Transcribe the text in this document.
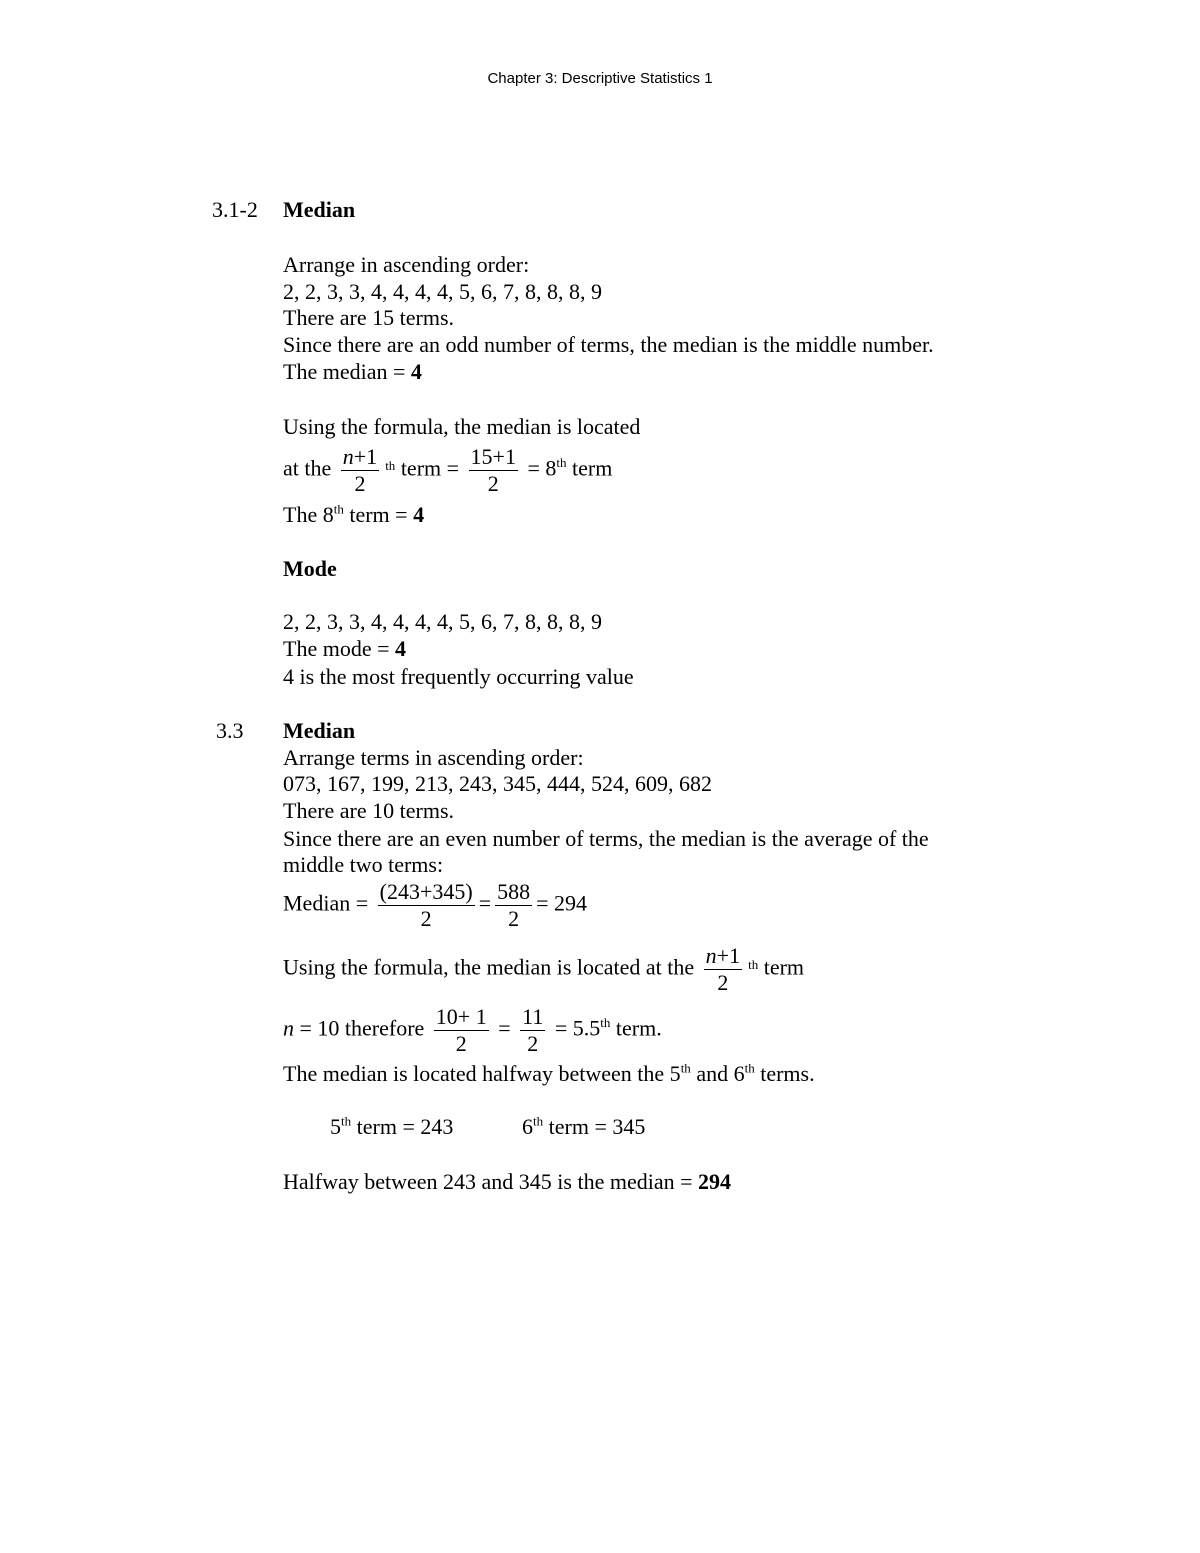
Chapter 3: Descriptive Statistics 1
3.1-2 Median
Arrange in ascending order:
2, 2, 3, 3, 4, 4, 4, 4, 5, 6, 7, 8, 8, 8, 9
There are 15 terms.
Since there are an odd number of terms, the median is the middle number.
The median = 4
Using the formula, the median is located
at the $\frac{n+1}{2} ^{th}$ term = $\frac{15+1}{2} = 8th$ term
The 8th term = 4
Mode
2, 2, 3, 3, 4, 4, 4, 4, 5, 6, 7, 8, 8, 8, 9
The mode = 4
4 is the most frequently occurring value
3.3 Median
Arrange terms in ascending order:
073, 167, 199, 213, 243, 345, 444, 524, 609, 682
There are 10 terms.
Since there are an even number of terms, the median is the average of the
middle two terms:
Median = $\frac{(243+345)}{2} = \frac{588}{2} = 294$
Using the formula, the median is located at the $\frac{n+1}{2} ^{th}$ term
n = 10 therefore $\frac{10+ 1}{2} = \frac{11}{2} = 5.5th$ term.
The median is located halfway between the 5th and 6th terms.
5th term = 243	6th term = 345
Halfway between 243 and 345 is the median = 294
